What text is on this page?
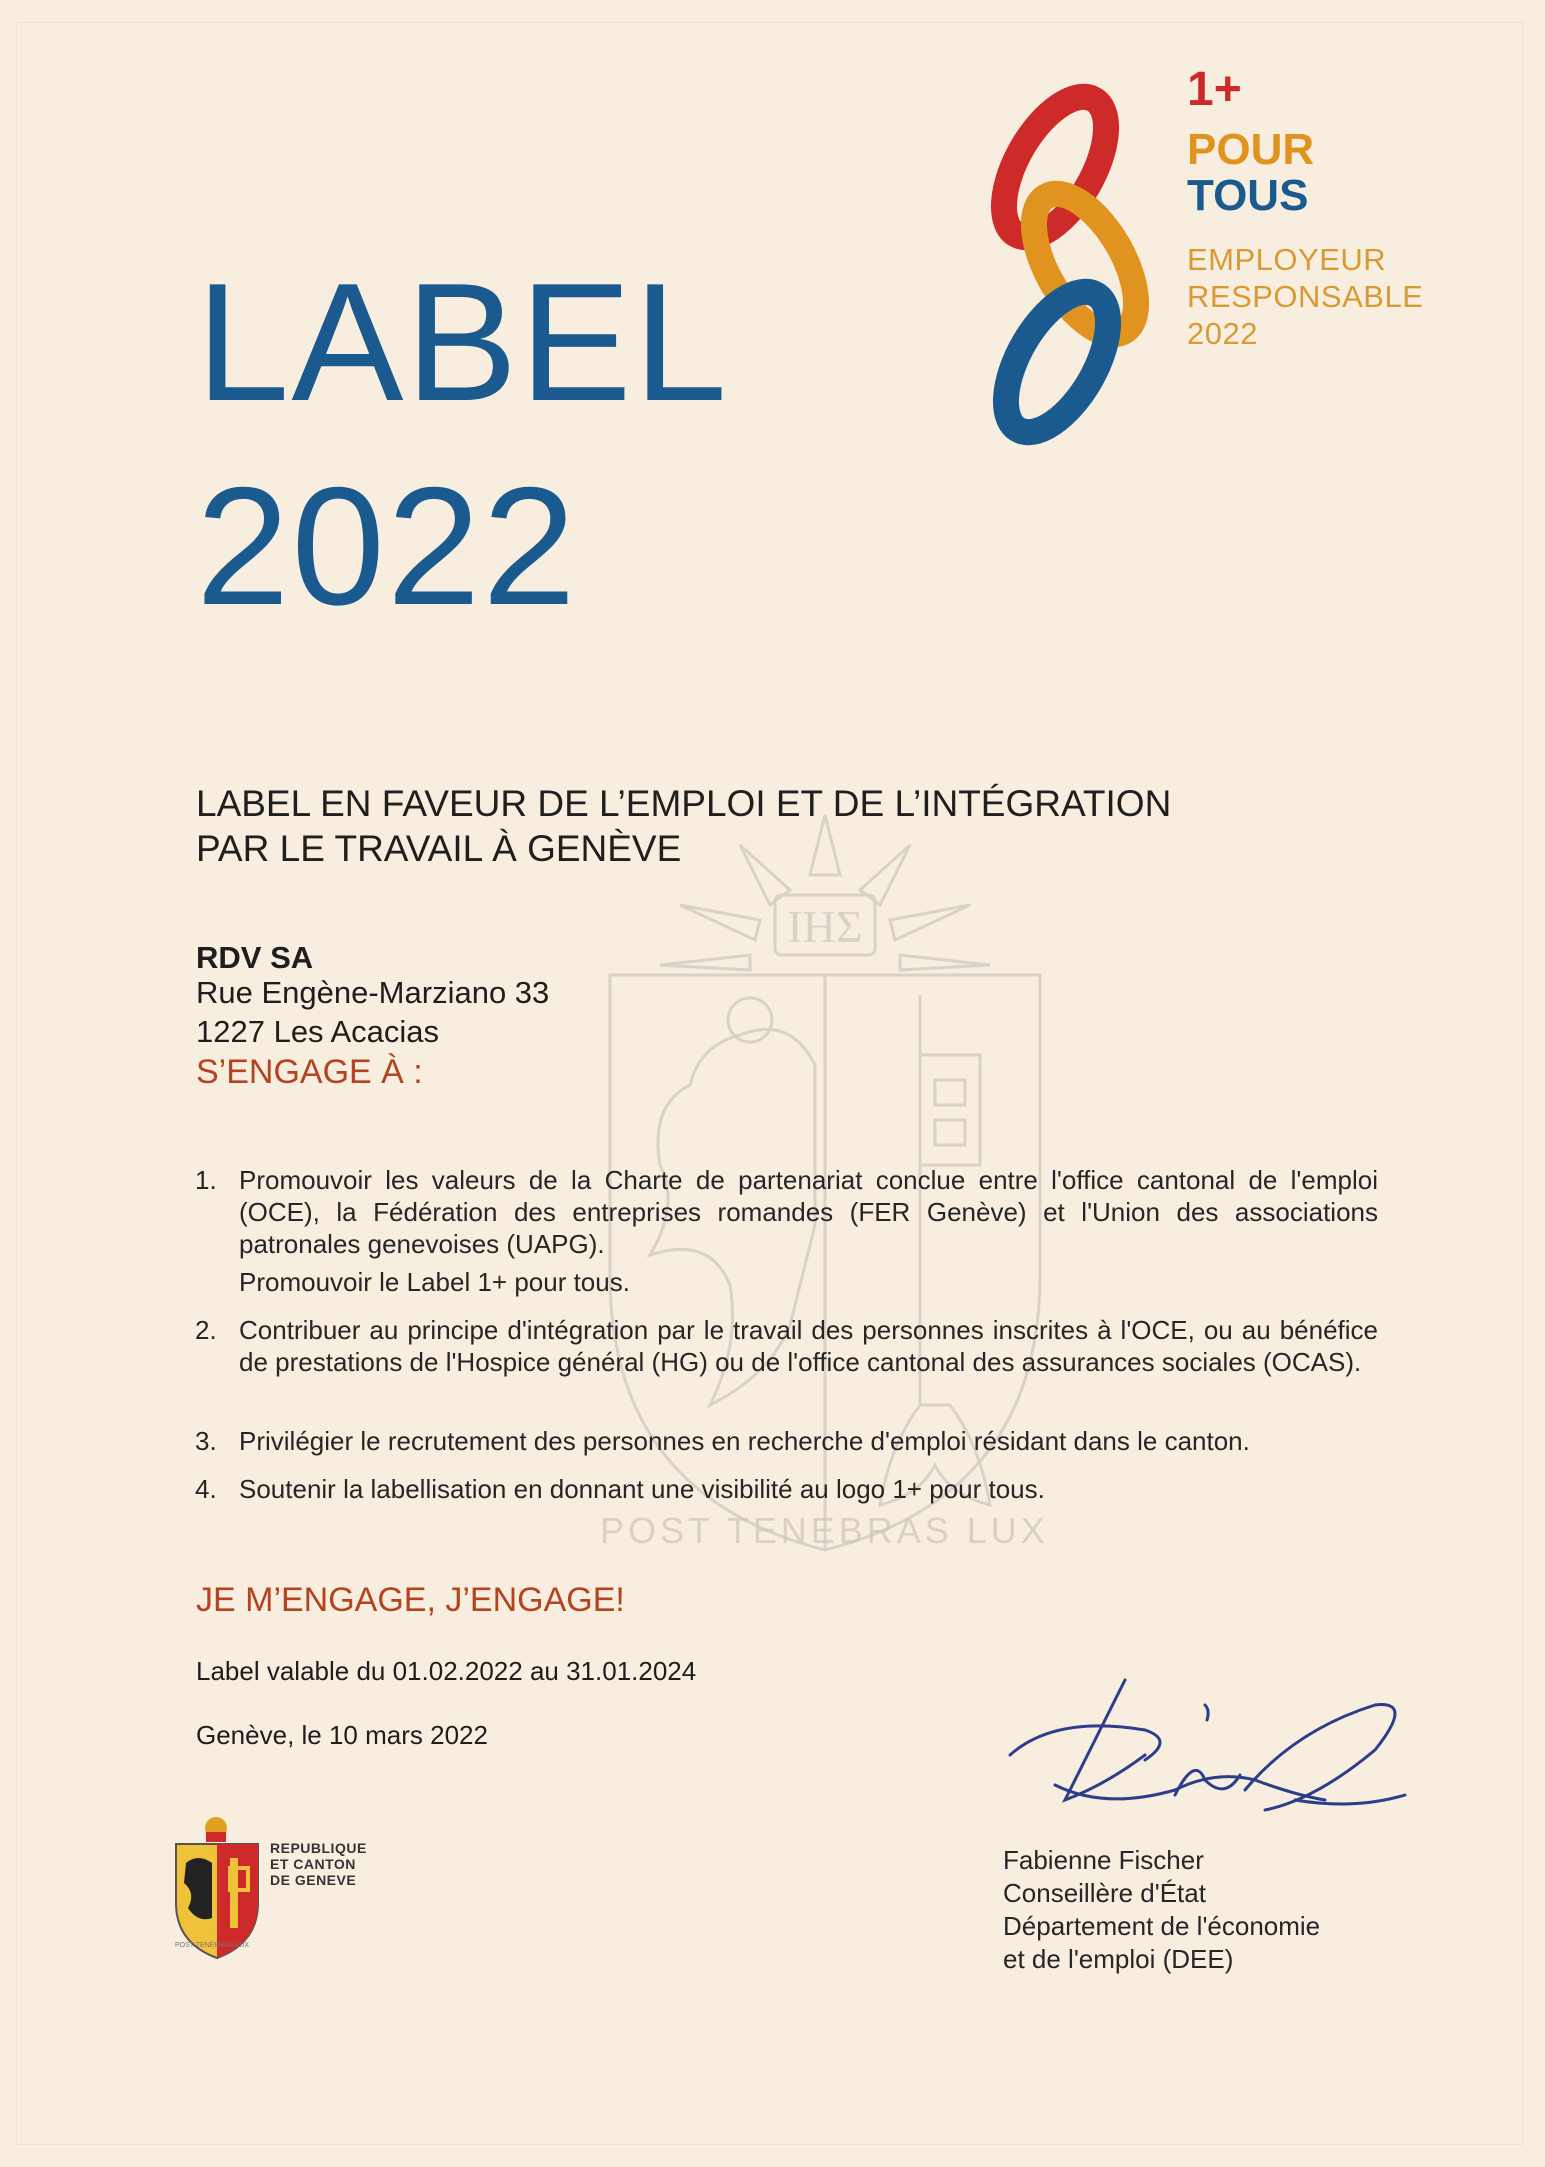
LABEL
2022
1+
POUR
TOUS
EMPLOYEUR
RESPONSABLE
2022
IHΣ
POST TENEBRAS LUX
LABEL EN FAVEUR DE L’EMPLOI ET DE L’INTÉGRATION
PAR LE TRAVAIL À GENÈVE
RDV SA
Rue Engène-Marziano 33
1227 Les Acacias
S’ENGAGE À :
1. Promouvoir les valeurs de la Charte de partenariat conclue entre l'office cantonal de l'emploi (OCE), la Fédération des entreprises romandes (FER Genève) et l'Union des associations patronales genevoises (UAPG).
Promouvoir le Label 1+ pour tous.
2. Contribuer au principe d'intégration par le travail des personnes inscrites à l'OCE, ou au bénéfice de prestations de l'Hospice général (HG) ou de l'office cantonal des assurances sociales (OCAS).
3. Privilégier le recrutement des personnes en recherche d'emploi résidant dans le canton.
4. Soutenir la labellisation en donnant une visibilité au logo 1+ pour tous.
JE M’ENGAGE, J’ENGAGE!
Label valable du 01.02.2022 au 31.01.2024
Genève, le 10 mars 2022
REPUBLIQUE
ET CANTON
DE GENEVE
POST TENEBRAS LUX
Fabienne Fischer
Conseillère d'État
Département de l'économie
et de l'emploi (DEE)
